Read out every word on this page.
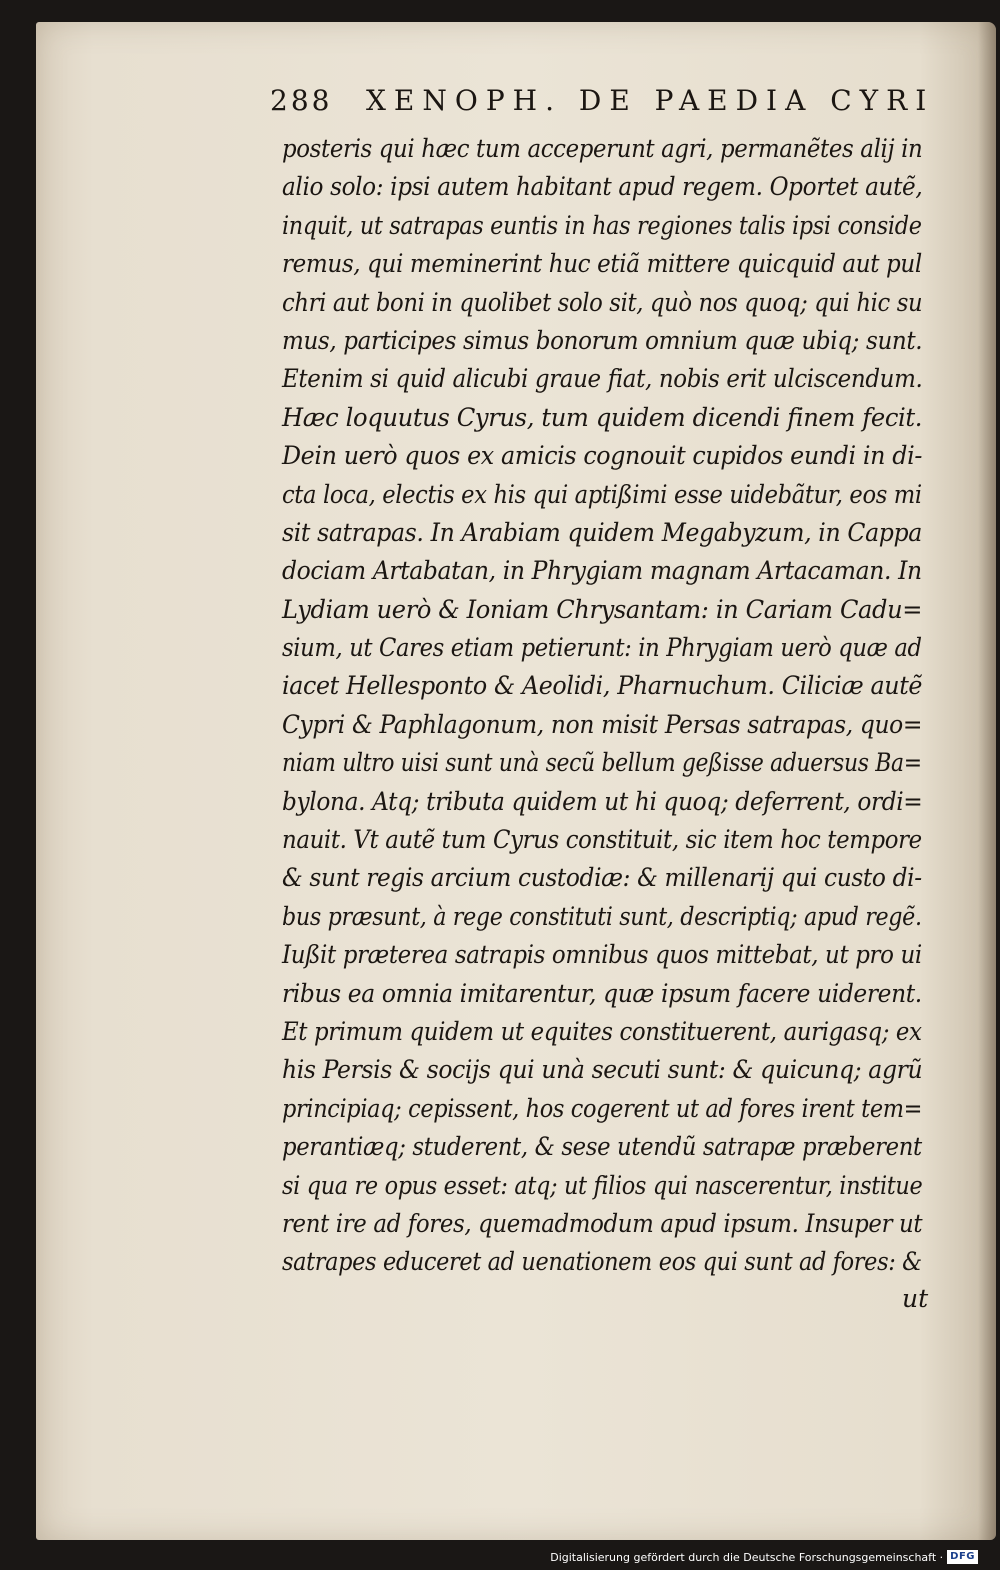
288 XENOPH. DE PAEDIA CYRI
posteris qui hæc tum acceperunt agri, permanẽtes alij in
alio solo: ipsi autem habitant apud regem. Oportet autẽ,
inquit, ut satrapas euntis in has regiones talis ipsi conside
remus, qui meminerint huc etiã mittere quicquid aut pul
chri aut boni in quolibet solo sit, quò nos quoq; qui hic su
mus, participes simus bonorum omnium quæ ubiq; sunt.
Etenim si quid alicubi graue fiat, nobis erit ulciscendum.
Hæc loquutus Cyrus, tum quidem dicendi finem fecit.
Dein uerò quos ex amicis cognouit cupidos eundi in di-
cta loca, electis ex his qui aptißimi esse uidebãtur, eos mi
sit satrapas. In Arabiam quidem Megabyzum, in Cappa
dociam Artabatan, in Phrygiam magnam Artacaman. In
Lydiam uerò & Ioniam Chrysantam: in Cariam Cadu=
sium, ut Cares etiam petierunt: in Phrygiam uerò quæ ad
iacet Hellesponto & Aeolidi, Pharnuchum. Ciliciæ autẽ
Cypri & Paphlagonum, non misit Persas satrapas, quo=
niam ultro uisi sunt unà secũ bellum geßisse aduersus Ba=
bylona. Atq; tributa quidem ut hi quoq; deferrent, ordi=
nauit. Vt autẽ tum Cyrus constituit, sic item hoc tempore
& sunt regis arcium custodiæ: & millenarij qui custo di-
bus præsunt, à rege constituti sunt, descriptiq; apud regẽ.
Iußit præterea satrapis omnibus quos mittebat, ut pro ui
ribus ea omnia imitarentur, quæ ipsum facere uiderent.
Et primum quidem ut equites constituerent, aurigasq; ex
his Persis & socijs qui unà secuti sunt: & quicunq; agrũ
principiaq; cepissent, hos cogerent ut ad fores irent tem=
perantiæq; studerent, & sese utendũ satrapæ præberent
si qua re opus esset: atq; ut filios qui nascerentur, institue
rent ire ad fores, quemadmodum apud ipsum. Insuper ut
satrapes educeret ad uenationem eos qui sunt ad fores: &
ut
Digitalisierung gefördert durch die Deutsche Forschungsgemeinschaft · DFG
